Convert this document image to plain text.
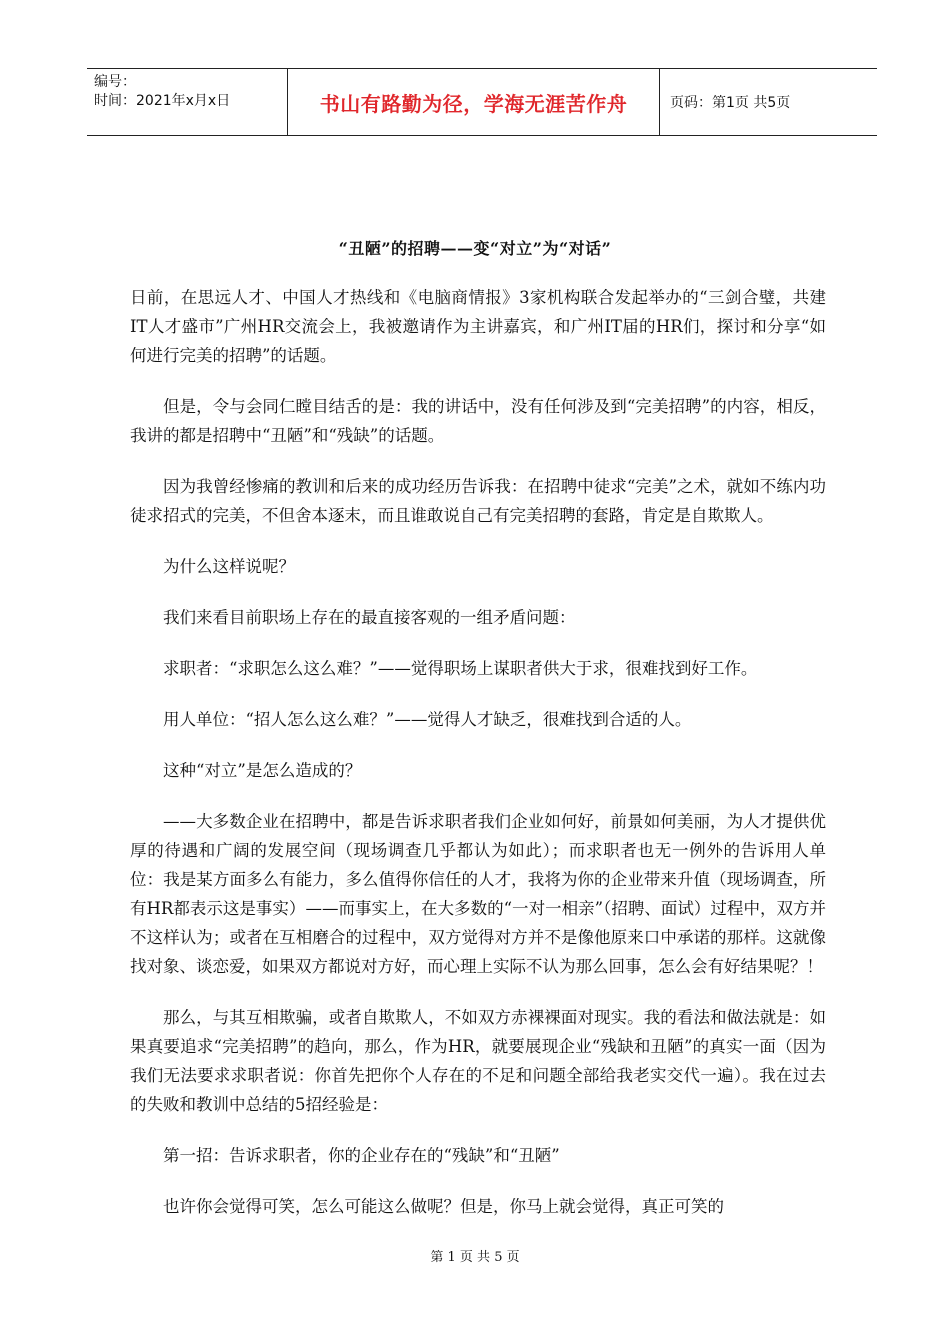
编号：
时间：2021年x月x日	书山有路勤为径，学海无涯苦作舟	页码：第1页 共5页
“丑陋”的招聘——变“对立”为“对话”

日前，在思远人才、中国人才热线和《电脑商情报》3家机构联合发起举办的“三剑合璧，共建IT人才盛市”广州HR交流会上，我被邀请作为主讲嘉宾，和广州IT届的HR们，探讨和分享“如何进行完美的招聘”的话题。

但是，令与会同仁瞠目结舌的是：我的讲话中，没有任何涉及到“完美招聘”的内容，相反，我讲的都是招聘中“丑陋”和“残缺”的话题。

因为我曾经惨痛的教训和后来的成功经历告诉我：在招聘中徒求“完美”之术，就如不练内功徒求招式的完美，不但舍本逐末，而且谁敢说自己有完美招聘的套路，肯定是自欺欺人。

为什么这样说呢？

我们来看目前职场上存在的最直接客观的一组矛盾问题：

求职者：“求职怎么这么难？”——觉得职场上谋职者供大于求，很难找到好工作。

用人单位：“招人怎么这么难？”——觉得人才缺乏，很难找到合适的人。

这种“对立”是怎么造成的？

——大多数企业在招聘中，都是告诉求职者我们企业如何好，前景如何美丽，为人才提供优厚的待遇和广阔的发展空间（现场调查几乎都认为如此）；而求职者也无一例外的告诉用人单位：我是某方面多么有能力，多么值得你信任的人才，我将为你的企业带来升值（现场调查，所有HR都表示这是事实）——而事实上，在大多数的“一对一相亲”（招聘、面试）过程中，双方并不这样认为；或者在互相磨合的过程中，双方觉得对方并不是像他原来口中承诺的那样。这就像找对象、谈恋爱，如果双方都说对方好，而心理上实际不认为那么回事，怎么会有好结果呢？！

那么，与其互相欺骗，或者自欺欺人，不如双方赤裸裸面对现实。我的看法和做法就是：如果真要追求“完美招聘”的趋向，那么，作为HR，就要展现企业“残缺和丑陋”的真实一面（因为我们无法要求求职者说：你首先把你个人存在的不足和问题全部给我老实交代一遍）。我在过去的失败和教训中总结的5招经验是：

第一招：告诉求职者，你的企业存在的“残缺”和“丑陋”

也许你会觉得可笑，怎么可能这么做呢？但是，你马上就会觉得，真正可笑的

第 1 页 共 5 页
